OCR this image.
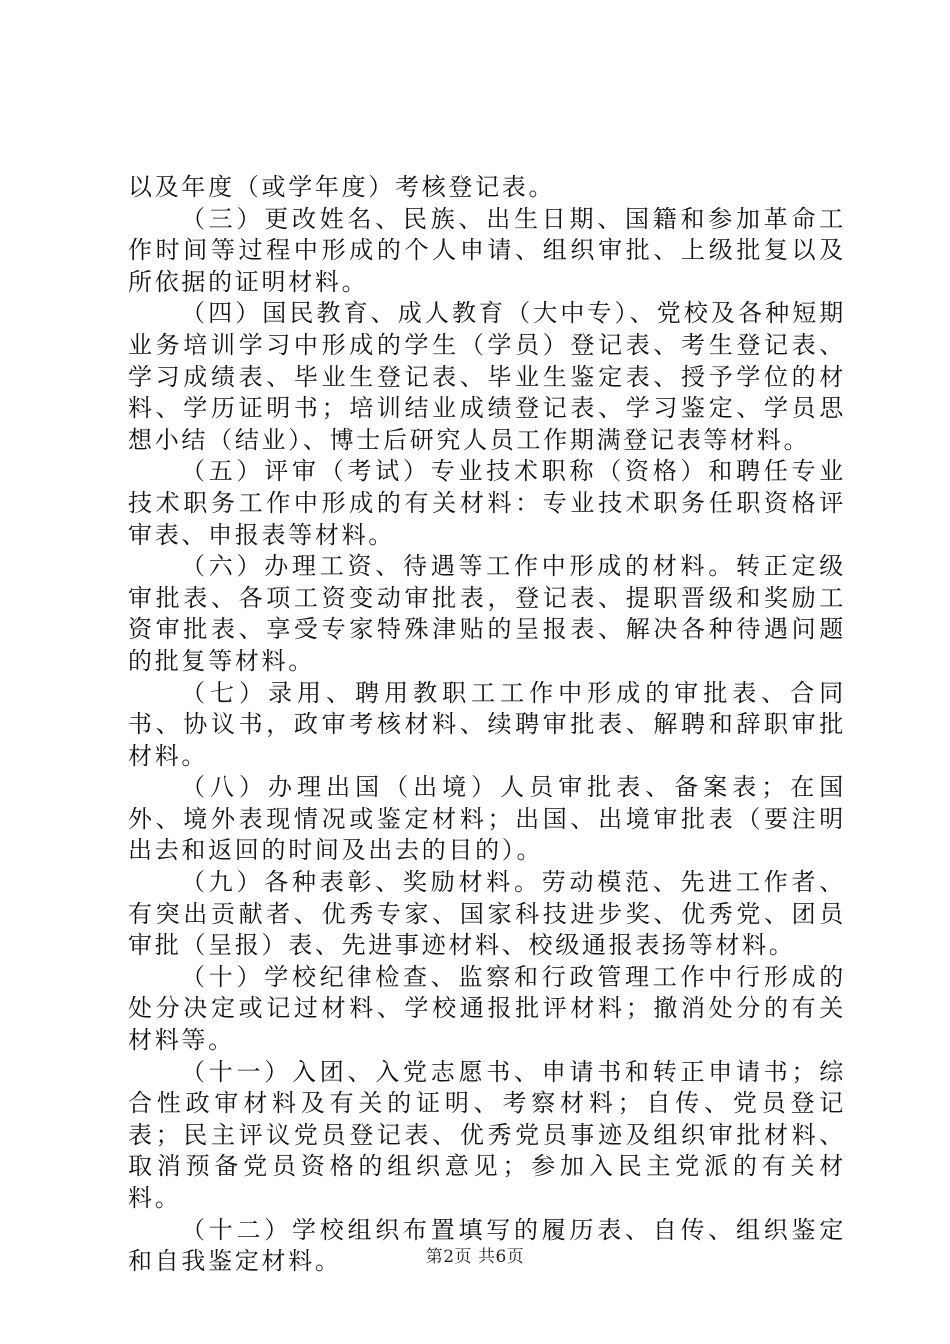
以及年度（或学年度）考核登记表。

（三）更改姓名、民族、出生日期、国籍和参加革命工作时间等过程中形成的个人申请、组织审批、上级批复以及所依据的证明材料。

（四）国民教育、成人教育（大中专）、党校及各种短期业务培训学习中形成的学生（学员）登记表、考生登记表、学习成绩表、毕业生登记表、毕业生鉴定表、授予学位的材料、学历证明书；培训结业成绩登记表、学习鉴定、学员思想小结（结业）、博士后研究人员工作期满登记表等材料。

（五）评审（考试）专业技术职称（资格）和聘任专业技术职务工作中形成的有关材料：专业技术职务任职资格评审表、申报表等材料。

（六）办理工资、待遇等工作中形成的材料。转正定级审批表、各项工资变动审批表，登记表、提职晋级和奖励工资审批表、享受专家特殊津贴的呈报表、解决各种待遇问题的批复等材料。

（七）录用、聘用教职工工作中形成的审批表、合同书、协议书，政审考核材料、续聘审批表、解聘和辞职审批材料。

（八）办理出国（出境）人员审批表、备案表；在国外、境外表现情况或鉴定材料；出国、出境审批表（要注明出去和返回的时间及出去的目的）。

（九）各种表彰、奖励材料。劳动模范、先进工作者、有突出贡献者、优秀专家、国家科技进步奖、优秀党、团员审批（呈报）表、先进事迹材料、校级通报表扬等材料。

（十）学校纪律检查、监察和行政管理工作中行形成的处分决定或记过材料、学校通报批评材料；撤消处分的有关材料等。

（十一）入团、入党志愿书、申请书和转正申请书；综合性政审材料及有关的证明、考察材料；自传、党员登记表；民主评议党员登记表、优秀党员事迹及组织审批材料、取消预备党员资格的组织意见；参加入民主党派的有关材料。

（十二）学校组织布置填写的履历表、自传、组织鉴定和自我鉴定材料。	第2页 共6页
